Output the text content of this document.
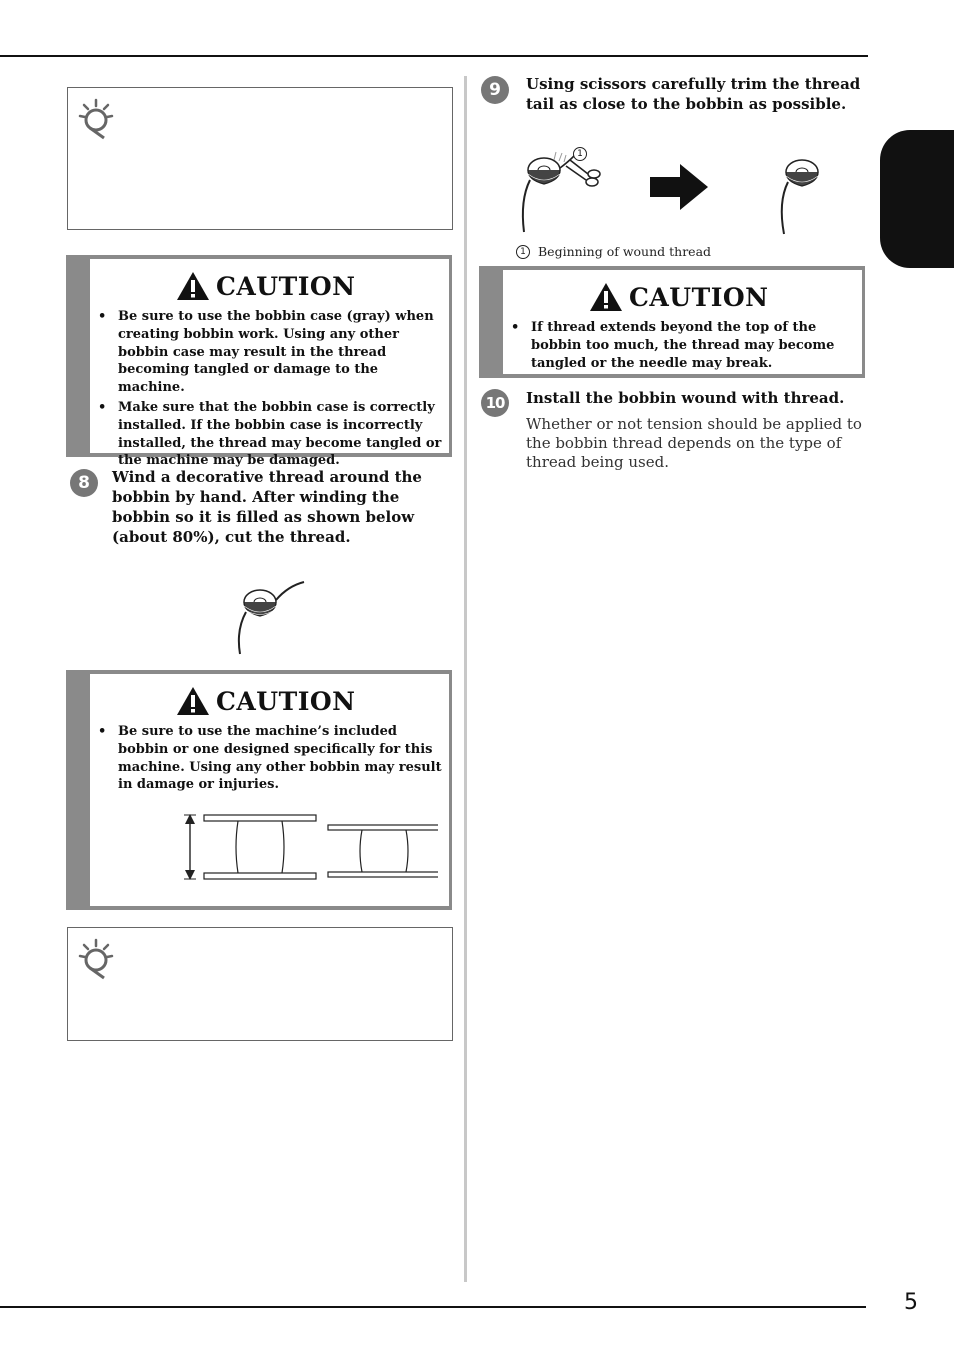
5
CAUTION
• Be sure to use the bobbin case (gray) when creating bobbin work. Using any other bobbin case may result in the thread becoming tangled or damage to the machine.
• Make sure that the bobbin case is correctly installed. If the bobbin case is incorrectly installed, the thread may become tangled or the machine may be damaged.
8	Wind a decorative thread around the bobbin by hand. After winding the bobbin so it is filled as shown below (about 80%), cut the thread.
CAUTION
• Be sure to use the machine’s included bobbin or one designed specifically for this machine. Using any other bobbin may result in damage or injuries.
9	Using scissors carefully trim the thread tail as close to the bobbin as possible.
1
1 Beginning of wound thread
CAUTION
• If thread extends beyond the top of the bobbin too much, the thread may become tangled or the needle may break.
10	Install the bobbin wound with thread.
Whether or not tension should be applied to the bobbin thread depends on the type of thread being used.
